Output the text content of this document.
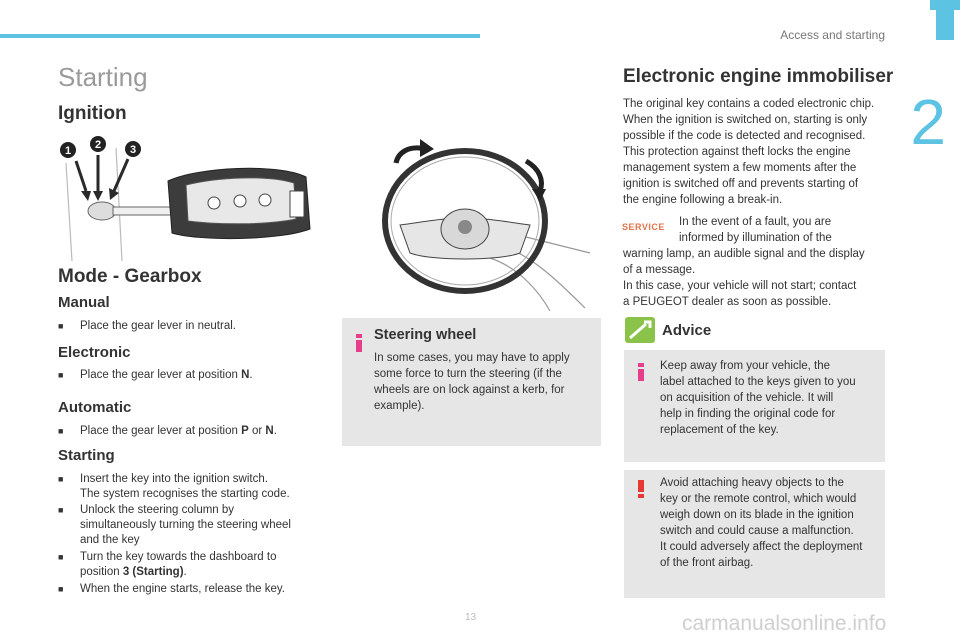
Access and starting
2
Starting
Ignition
1 2	3
Mode - Gearbox
Manual
■ Place the gear lever in neutral.
Electronic
■ Place the gear lever at position N.
Automatic
■ Place the gear lever at position P or N.
Starting
■ Insert the key into the ignition switch.
The system recognises the starting code.
■ Unlock the steering column by
simultaneously turning the steering wheel
and the key
■ Turn the key towards the dashboard to
position 3 (Starting).
■ When the engine starts, release the key.
Steering wheel
In some cases, you may have to apply
some force to turn the steering (if the
wheels are on lock against a kerb, for
example).
Electronic engine immobiliser
The original key contains a coded electronic chip.
When the ignition is switched on, starting is only
possible if the code is detected and recognised.
This protection against theft locks the engine
management system a few moments after the
ignition is switched off and prevents starting of
the engine following a break-in.
SERVICE In the event of a fault, you are
informed by illumination of the
warning lamp, an audible signal and the display
of a message.
In this case, your vehicle will not start; contact
a PEUGEOT dealer as soon as possible.
Advice
Keep away from your vehicle, the
label attached to the keys given to you
on acquisition of the vehicle. It will
help in finding the original code for
replacement of the key.
Avoid attaching heavy objects to the
key or the remote control, which would
weigh down on its blade in the ignition
switch and could cause a malfunction.
It could adversely affect the deployment
of the front airbag.
13	carmanualsonline.info
